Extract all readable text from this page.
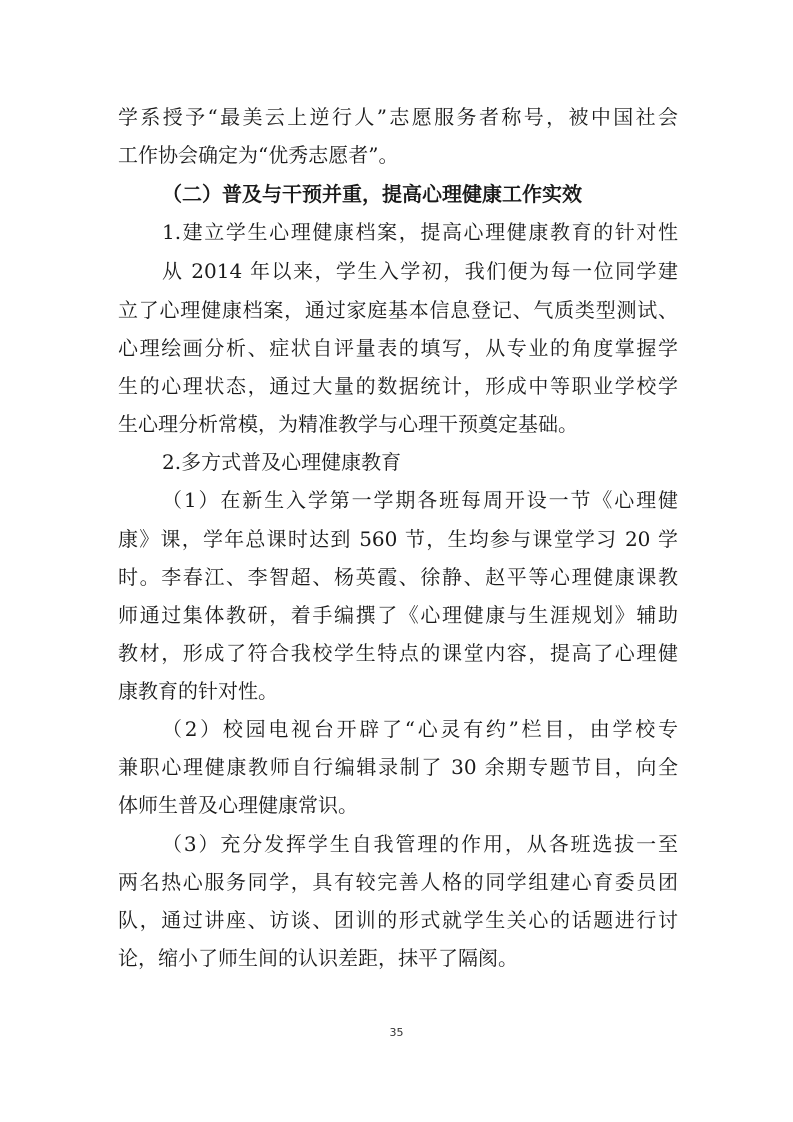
学系授予“最美云上逆行人”志愿服务者称号，被中国社会
工作协会确定为“优秀志愿者”。
（二）普及与干预并重，提高心理健康工作实效
1.建立学生心理健康档案，提高心理健康教育的针对性
从 2014 年以来，学生入学初，我们便为每一位同学建
立了心理健康档案，通过家庭基本信息登记、气质类型测试、
心理绘画分析、症状自评量表的填写，从专业的角度掌握学
生的心理状态，通过大量的数据统计，形成中等职业学校学
生心理分析常模，为精准教学与心理干预奠定基础。
2.多方式普及心理健康教育
（1）在新生入学第一学期各班每周开设一节《心理健
康》课，学年总课时达到 560 节，生均参与课堂学习 20 学
时。李春江、李智超、杨英霞、徐静、赵平等心理健康课教
师通过集体教研，着手编撰了《心理健康与生涯规划》辅助
教材，形成了符合我校学生特点的课堂内容，提高了心理健
康教育的针对性。
（2）校园电视台开辟了“心灵有约”栏目，由学校专
兼职心理健康教师自行编辑录制了 30 余期专题节目，向全
体师生普及心理健康常识。
（3）充分发挥学生自我管理的作用，从各班选拔一至
两名热心服务同学，具有较完善人格的同学组建心育委员团
队，通过讲座、访谈、团训的形式就学生关心的话题进行讨
论，缩小了师生间的认识差距，抹平了隔阂。
35
